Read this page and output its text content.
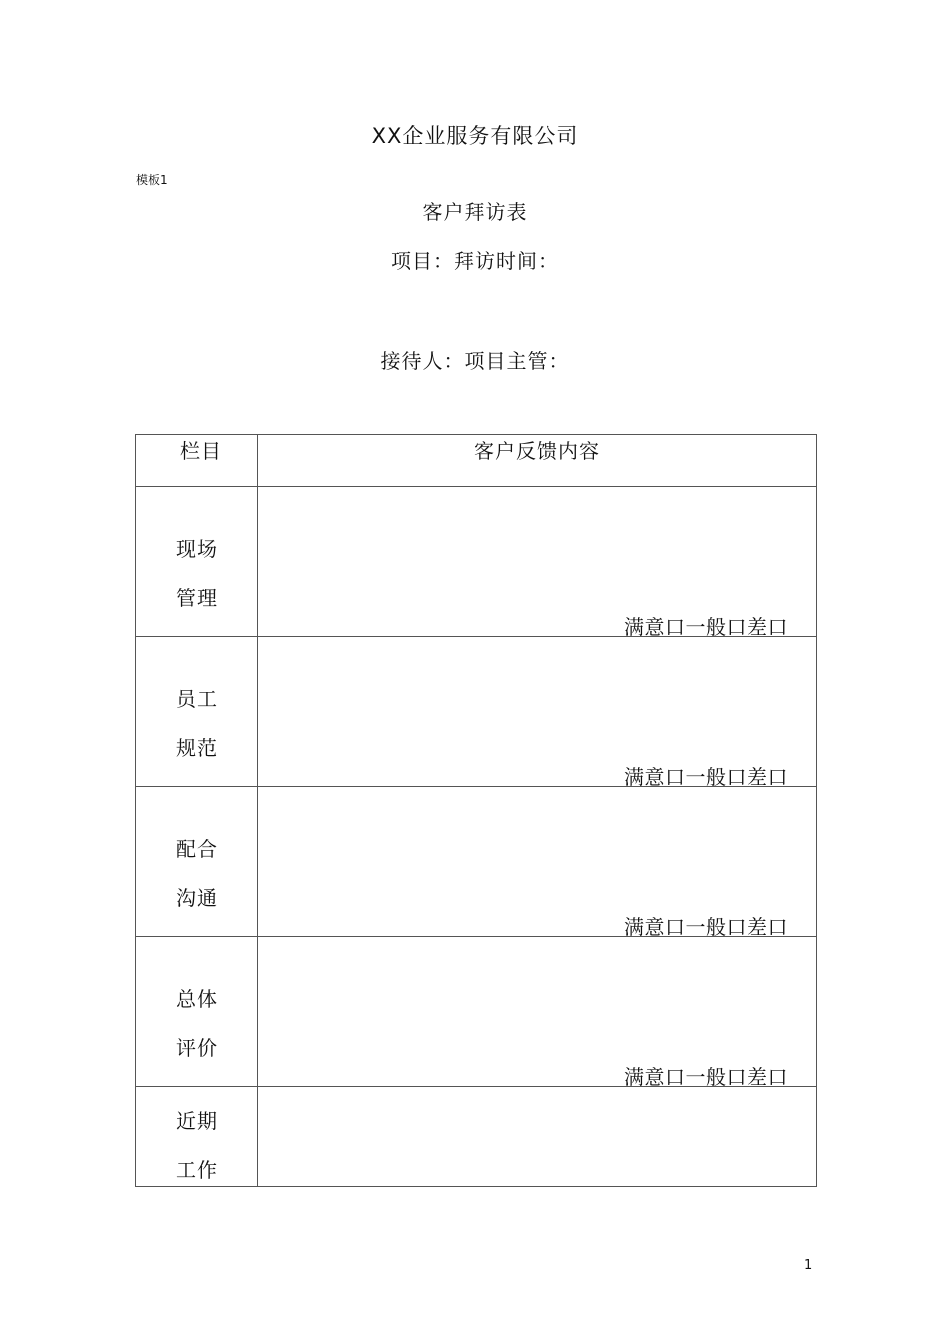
XX企业服务有限公司
模板1
客户拜访表
项目：拜访时间：
接待人：项目主管：
栏目	客户反馈内容

现场
管理	满意口一般口差口

员工
规范	满意口一般口差口

配合
沟通	满意口一般口差口

总体
评价	满意口一般口差口

近期
工作	

1
